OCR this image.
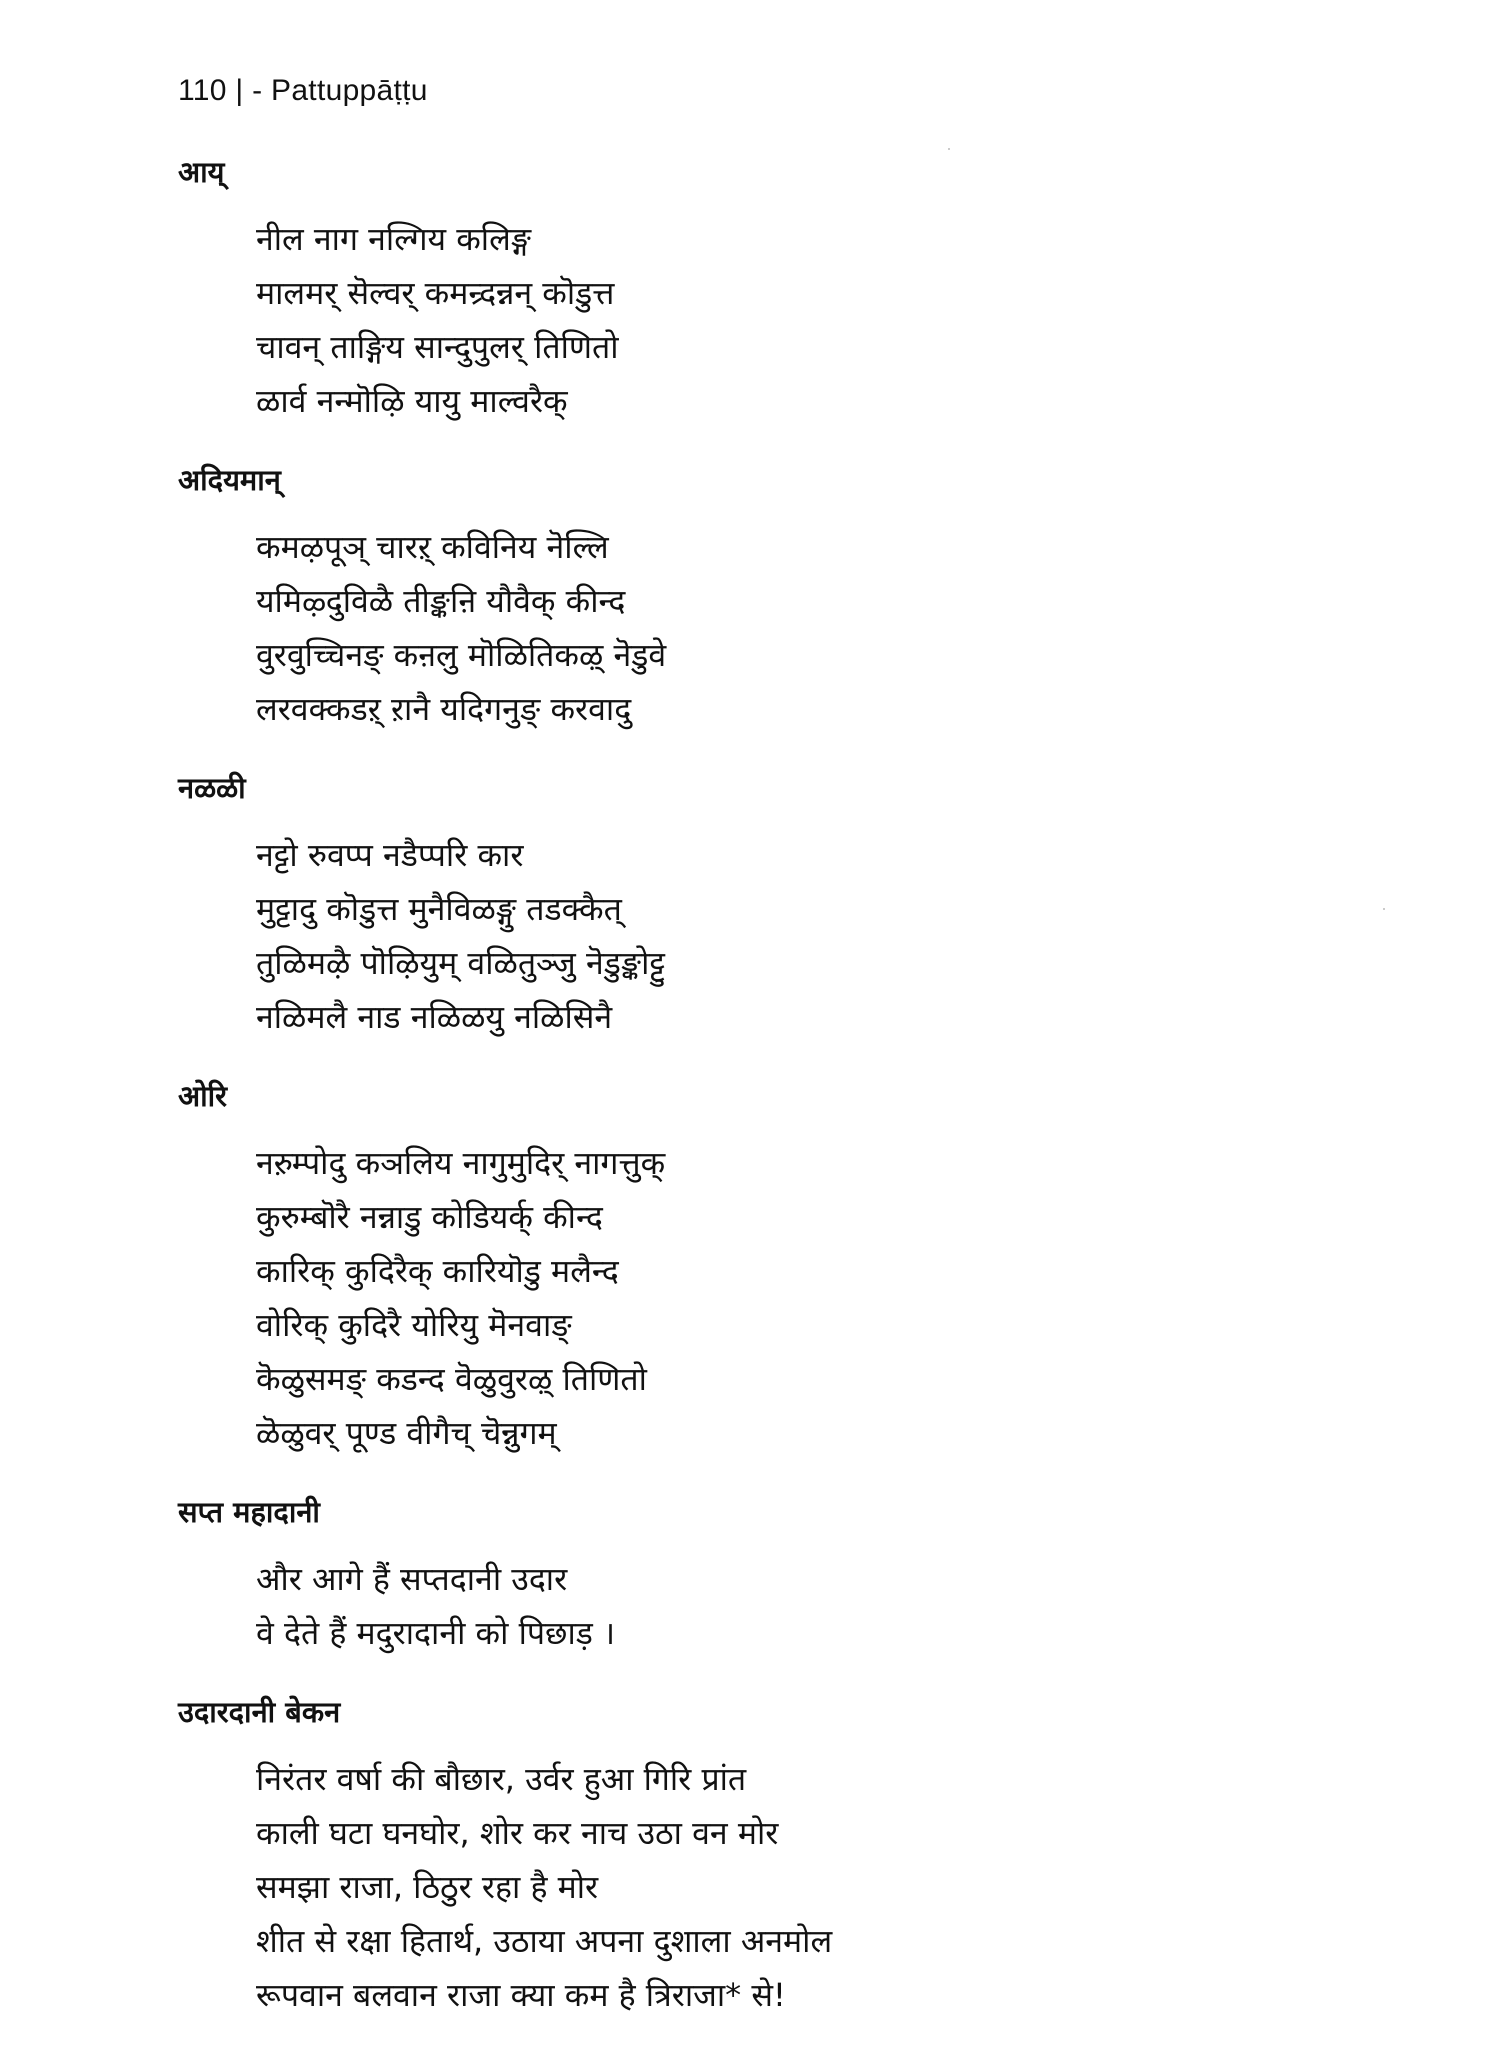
110 | - Pattuppāṭṭu
आय्
नील नाग नल्गिय कलिङ्ग
मालमर् सॆल्वर् कमन्र्दन्नन् कॊडुत्त
चावन् ताङ्गिय सान्दुपुलर् तिणितो
ळार्व नन्मॊऴि यायु माल्वरैक्
अदियमान्
कमऴपूञ् चारऱ् कविनिय नॆल्लि
यमिऴ्दुविळै तीङ्कऩि यौवैक् कीन्द
वुरवुच्चिनङ् कऩलु मॊळितिकऴ् नॆडुवे
लरवक्कडऱ् ऱानै यदिगनुङ् करवादु
नळळी
नट्टो रुवप्प नडैप्परि कार
मुट्टादु कॊडुत्त मुनैविळङ्गु तडक्कैत्
तुळिमऴै पॊऴियुम् वळितुञ्जु नॆडुङ्कोट्टु
नळिमलै नाड नळिळयु नळिसिनै
ओरि
नऱुम्पोदु कञलिय नागुमुदिर् नागत्तुक्
कुरुम्बॊरै नन्नाडु कोडियर्क् कीन्द
कारिक् कुदिरैक् कारियॊडु मलैन्द
वोरिक् कुदिरै योरियु मॆनवाङ्
कॆळुसमङ् कडन्द वॆळुवुरऴ् तिणितो
ळॆळुवर् पूण्ड वीगैच् चॆन्नुगम्
सप्त महादानी
और आगे हैं सप्तदानी उदार
वे देते हैं मदुरादानी को पिछाड़ ।
उदारदानी बेकन
निरंतर वर्षा की बौछार, उर्वर हुआ गिरि प्रांत
काली घटा घनघोर, शोर कर नाच उठा वन मोर
समझा राजा, ठिठुर रहा है मोर
शीत से रक्षा हितार्थ, उठाया अपना दुशाला अनमोल
रूपवान बलवान राजा क्या कम है त्रिराजा* से!
